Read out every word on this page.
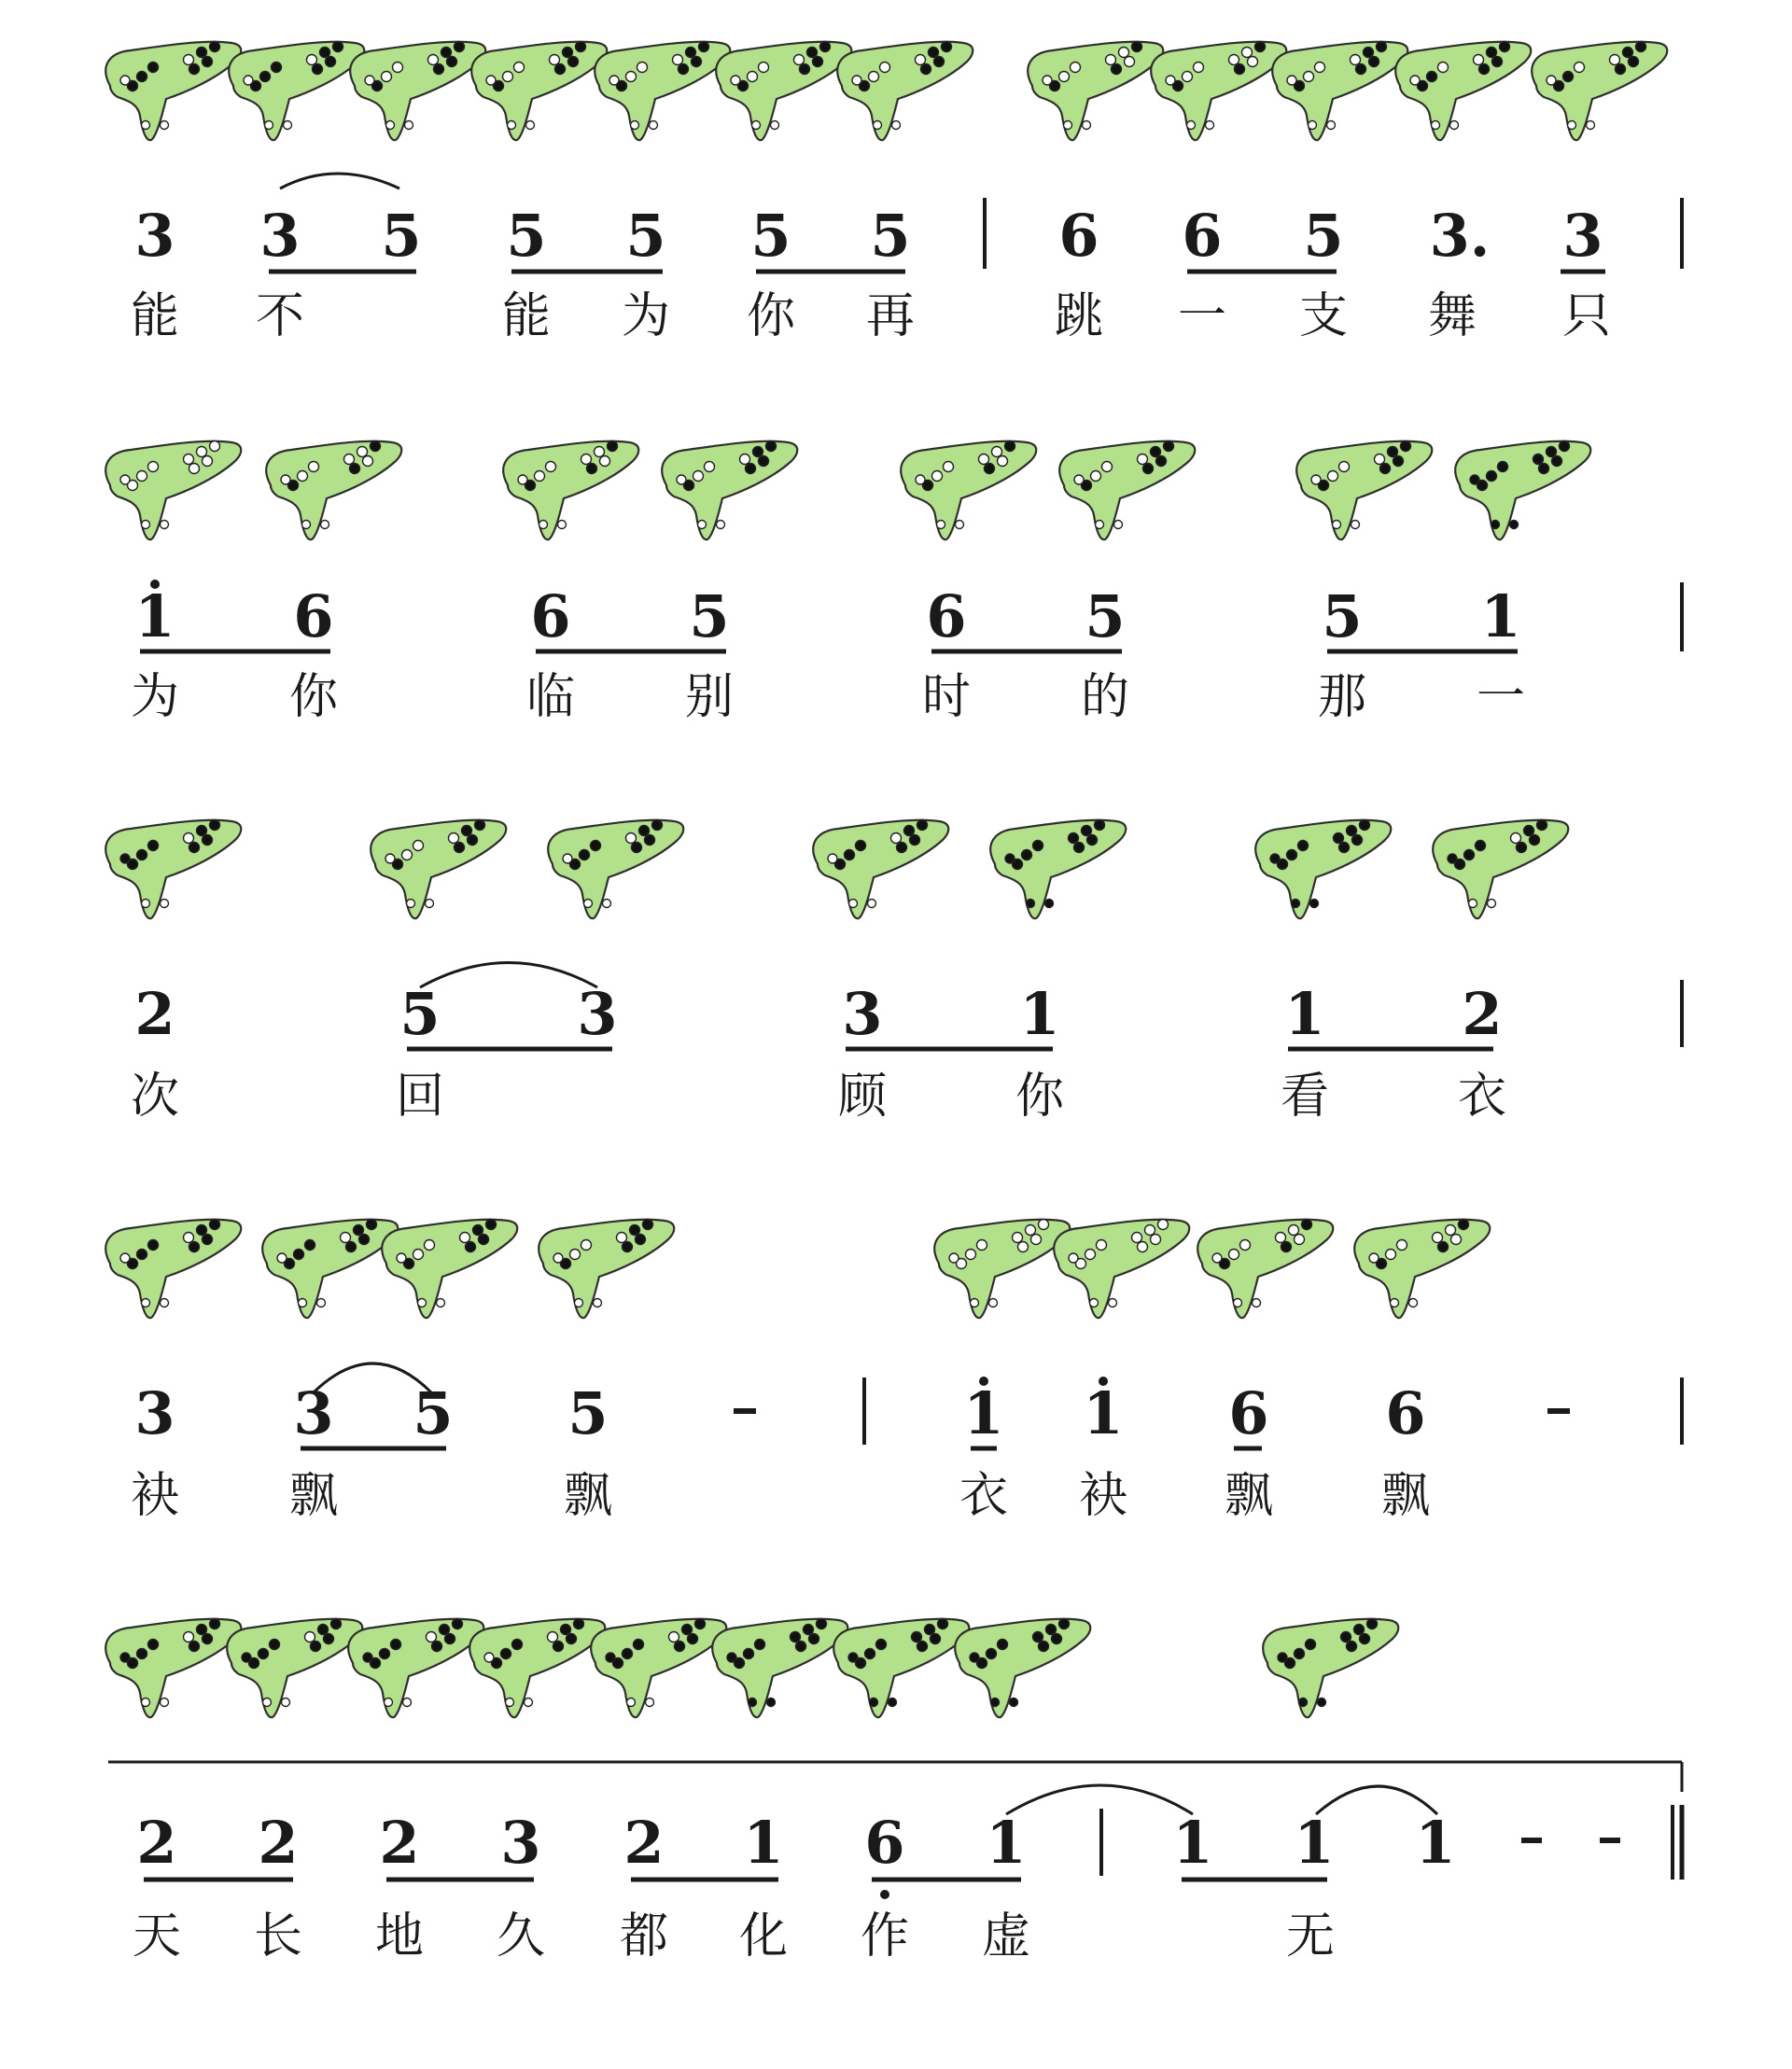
3 3 5 5 5 5 5	6 6 5 3. 3
能 不	能 为 你 再	跳 一 支 舞 只
1 6	6 5	6 5	5 1
为 你	临 别	时 的	那 一
2	5 3	3 1	1 2
次	回	顾	你	看	衣
3 3 5 5	1 1 6 6
袂 飘	飘	衣 袂 飘 飘
2 2 2 3 2 1 6 1	1 1 1
天 长 地 久 都 化 作 虚	无
